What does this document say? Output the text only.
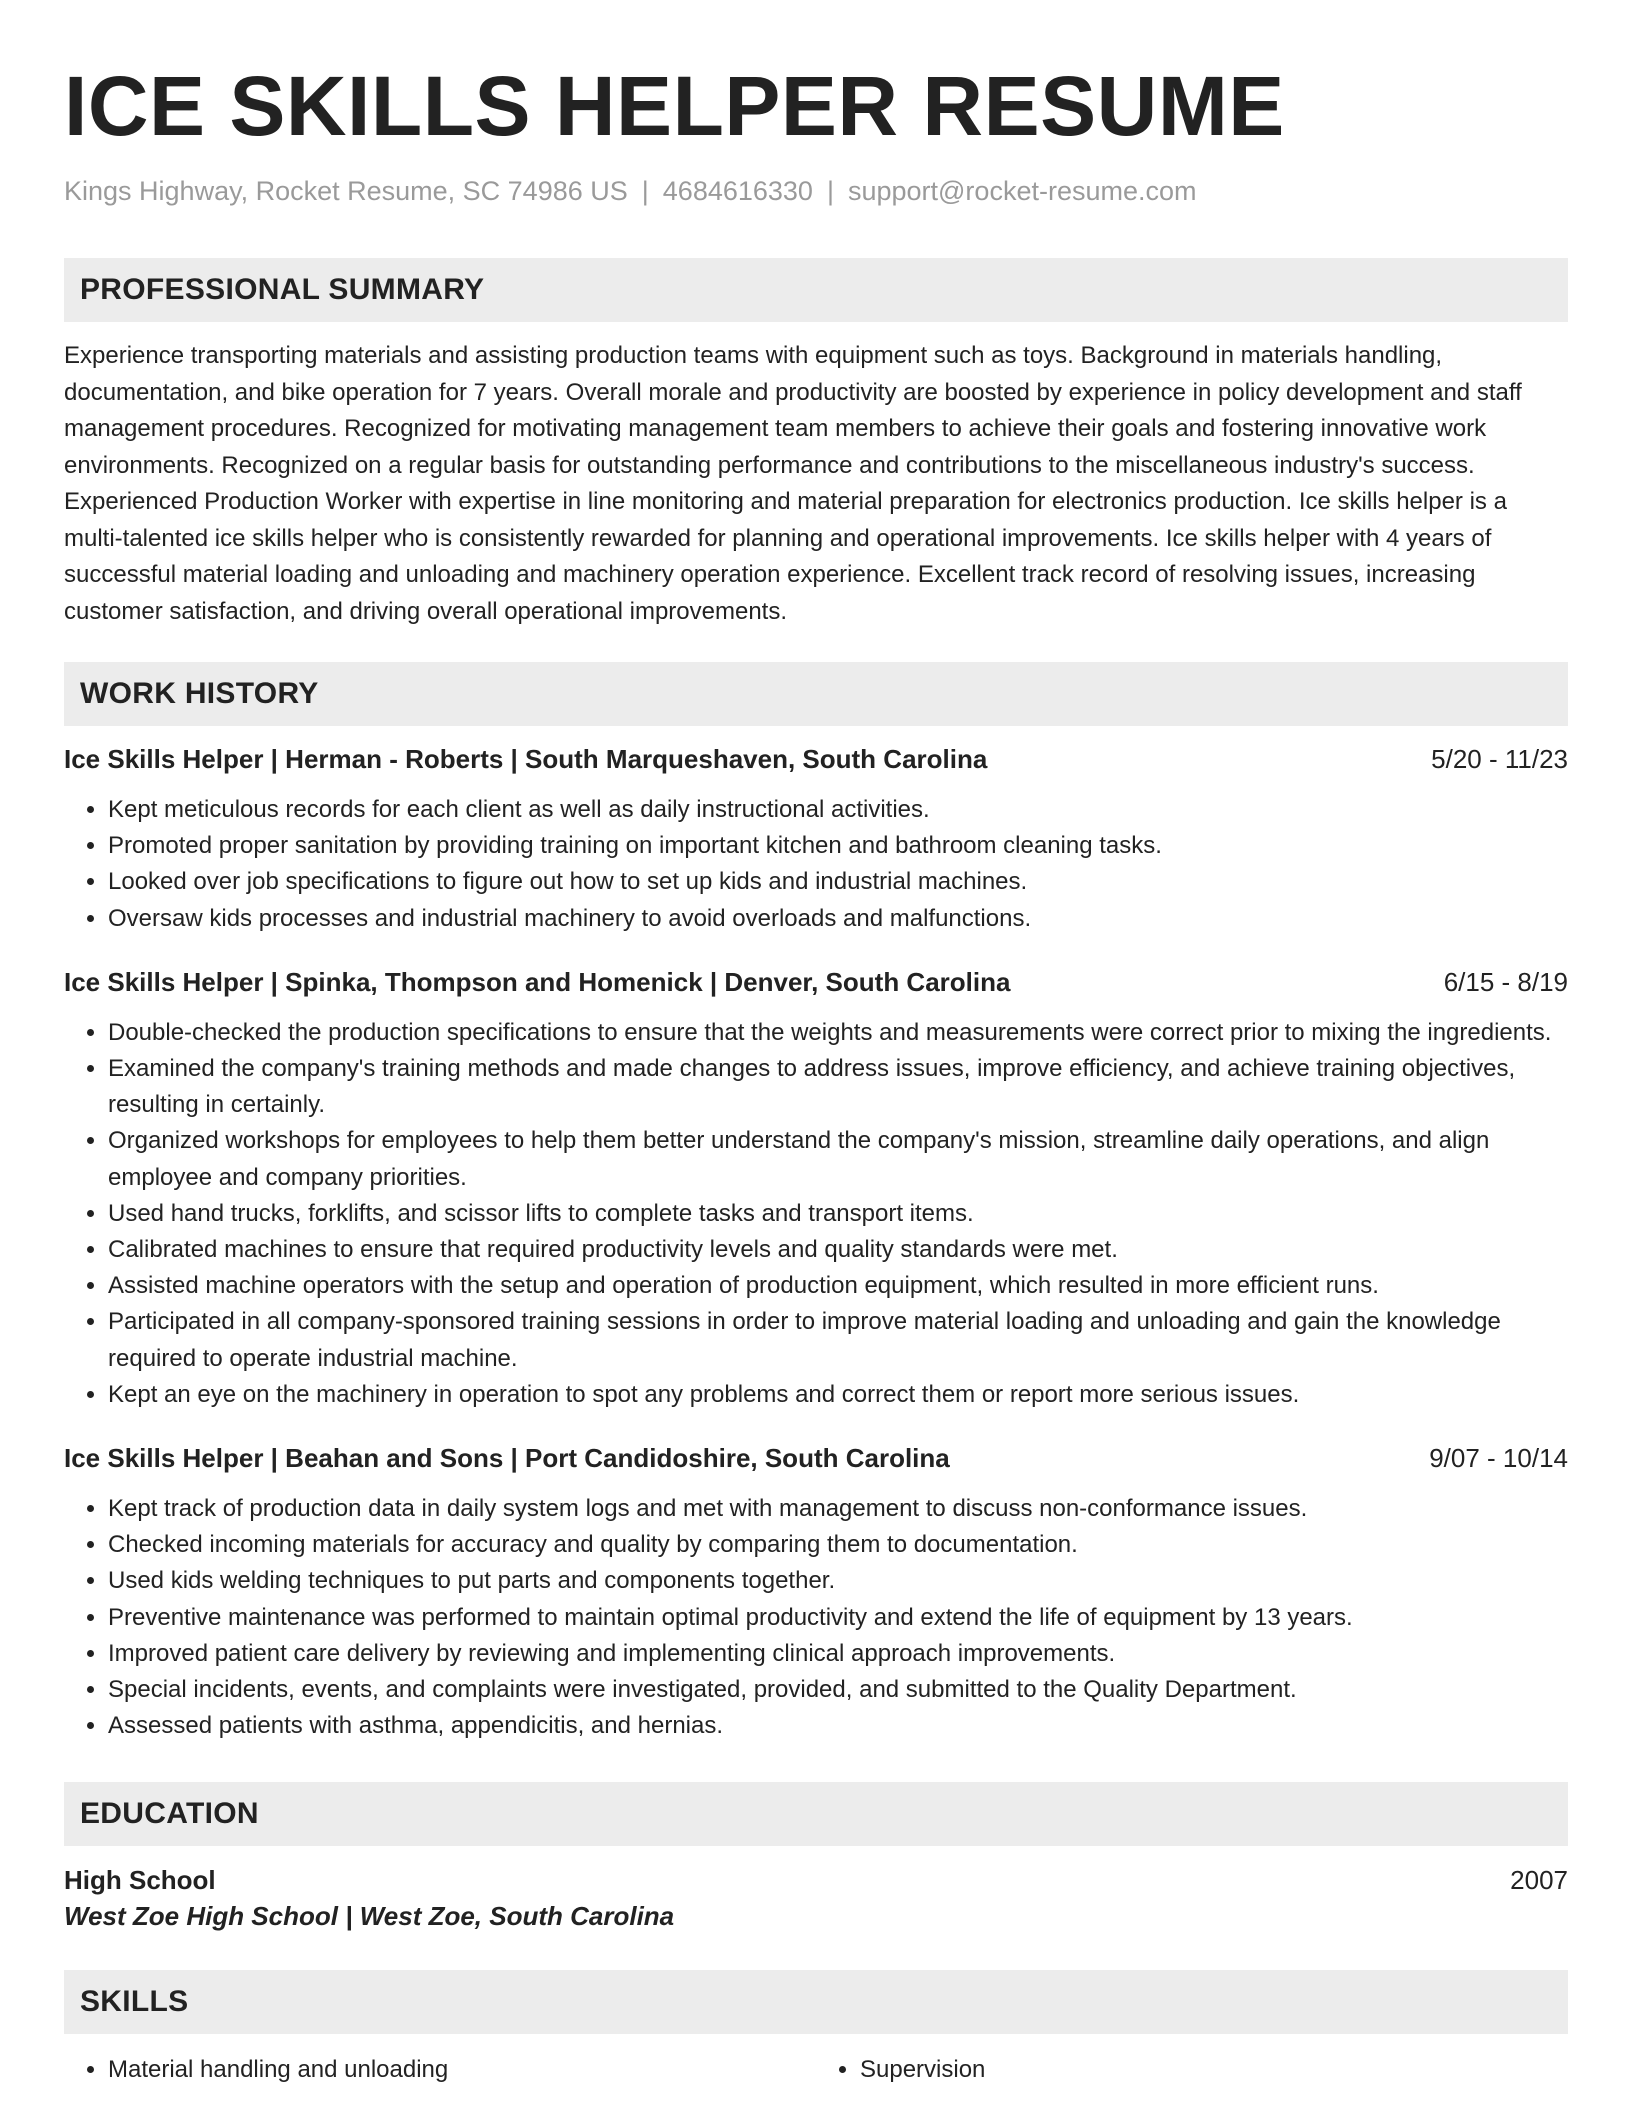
ICE SKILLS HELPER RESUME
Kings Highway, Rocket Resume, SC 74986 US | 4684616330 | support@rocket-resume.com
PROFESSIONAL SUMMARY
Experience transporting materials and assisting production teams with equipment such as toys. Background in materials handling, documentation, and bike operation for 7 years. Overall morale and productivity are boosted by experience in policy development and staff management procedures. Recognized for motivating management team members to achieve their goals and fostering innovative work environments. Recognized on a regular basis for outstanding performance and contributions to the miscellaneous industry's success. Experienced Production Worker with expertise in line monitoring and material preparation for electronics production. Ice skills helper is a multi-talented ice skills helper who is consistently rewarded for planning and operational improvements. Ice skills helper with 4 years of successful material loading and unloading and machinery operation experience. Excellent track record of resolving issues, increasing customer satisfaction, and driving overall operational improvements.
WORK HISTORY
Ice Skills Helper | Herman - Roberts | South Marqueshaven, South Carolina	5/20 - 11/23
• Kept meticulous records for each client as well as daily instructional activities.
• Promoted proper sanitation by providing training on important kitchen and bathroom cleaning tasks.
• Looked over job specifications to figure out how to set up kids and industrial machines.
• Oversaw kids processes and industrial machinery to avoid overloads and malfunctions.
Ice Skills Helper | Spinka, Thompson and Homenick | Denver, South Carolina	6/15 - 8/19
• Double-checked the production specifications to ensure that the weights and measurements were correct prior to mixing the ingredients.
• Examined the company's training methods and made changes to address issues, improve efficiency, and achieve training objectives, resulting in certainly.
• Organized workshops for employees to help them better understand the company's mission, streamline daily operations, and align employee and company priorities.
• Used hand trucks, forklifts, and scissor lifts to complete tasks and transport items.
• Calibrated machines to ensure that required productivity levels and quality standards were met.
• Assisted machine operators with the setup and operation of production equipment, which resulted in more efficient runs.
• Participated in all company-sponsored training sessions in order to improve material loading and unloading and gain the knowledge required to operate industrial machine.
• Kept an eye on the machinery in operation to spot any problems and correct them or report more serious issues.
Ice Skills Helper | Beahan and Sons | Port Candidoshire, South Carolina	9/07 - 10/14
• Kept track of production data in daily system logs and met with management to discuss non-conformance issues.
• Checked incoming materials for accuracy and quality by comparing them to documentation.
• Used kids welding techniques to put parts and components together.
• Preventive maintenance was performed to maintain optimal productivity and extend the life of equipment by 13 years.
• Improved patient care delivery by reviewing and implementing clinical approach improvements.
• Special incidents, events, and complaints were investigated, provided, and submitted to the Quality Department.
• Assessed patients with asthma, appendicitis, and hernias.
EDUCATION
High School	2007
West Zoe High School | West Zoe, South Carolina
SKILLS
• Material handling and unloading
•	Supervision
